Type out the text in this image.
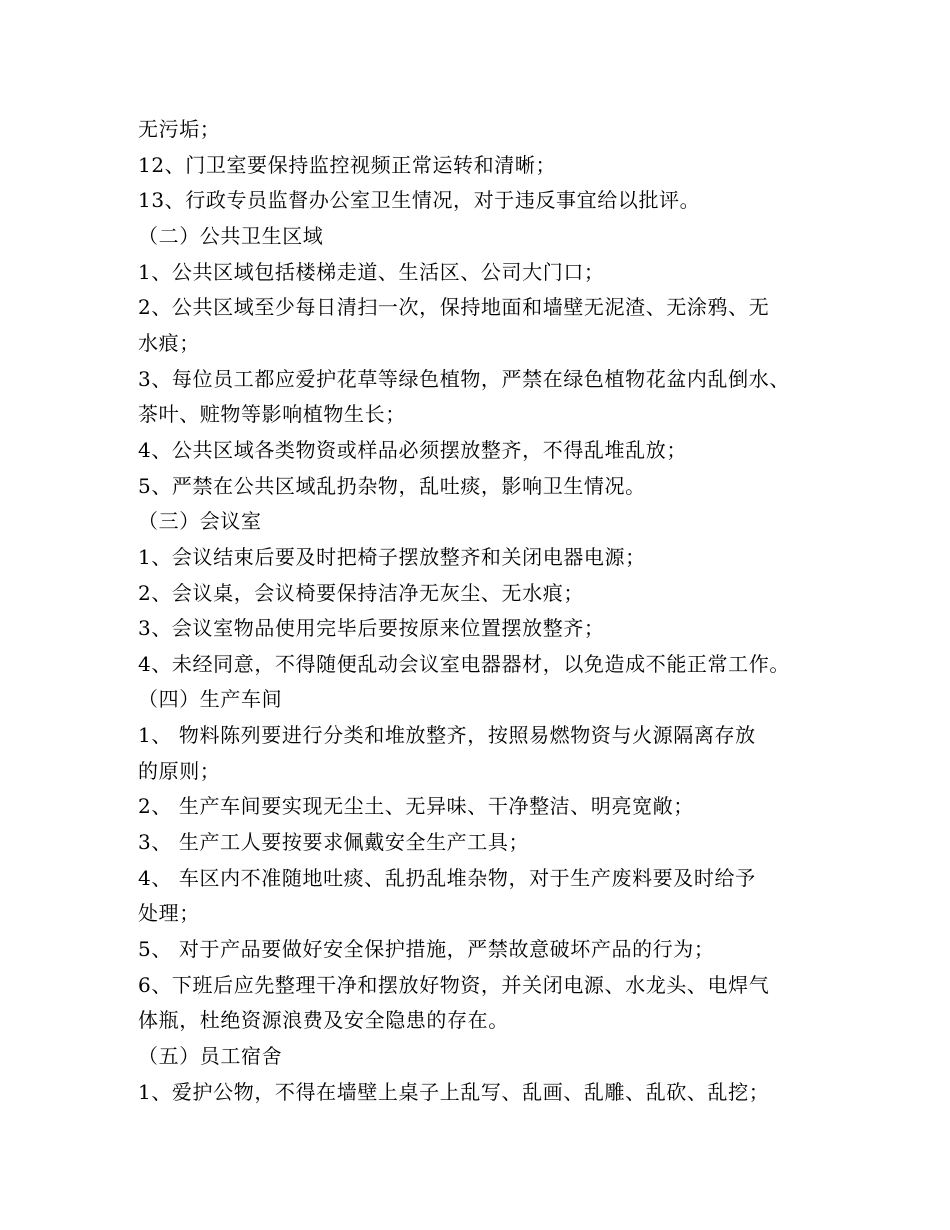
无污垢；
12、门卫室要保持监控视频正常运转和清晰；
13、行政专员监督办公室卫生情况，对于违反事宜给以批评。
（二）公共卫生区域
1、公共区域包括楼梯走道、生活区、公司大门口；
2、公共区域至少每日清扫一次，保持地面和墙壁无泥渣、无涂鸦、无
水痕；
3、每位员工都应爱护花草等绿色植物，严禁在绿色植物花盆内乱倒水、
茶叶、赃物等影响植物生长；
4、公共区域各类物资或样品必须摆放整齐，不得乱堆乱放；
5、严禁在公共区域乱扔杂物，乱吐痰，影响卫生情况。
（三）会议室
1、会议结束后要及时把椅子摆放整齐和关闭电器电源；
2、会议桌，会议椅要保持洁净无灰尘、无水痕；
3、会议室物品使用完毕后要按原来位置摆放整齐；
4、未经同意，不得随便乱动会议室电器器材，以免造成不能正常工作。
（四）生产车间
1、 物料陈列要进行分类和堆放整齐，按照易燃物资与火源隔离存放
的原则；
2、 生产车间要实现无尘土、无异味、干净整洁、明亮宽敞；
3、 生产工人要按要求佩戴安全生产工具；
4、 车区内不准随地吐痰、乱扔乱堆杂物，对于生产废料要及时给予
处理；
5、 对于产品要做好安全保护措施，严禁故意破坏产品的行为；
6、下班后应先整理干净和摆放好物资，并关闭电源、水龙头、电焊气
体瓶，杜绝资源浪费及安全隐患的存在。
（五）员工宿舍
1、爱护公物，不得在墙壁上桌子上乱写、乱画、乱雕、乱砍、乱挖；
